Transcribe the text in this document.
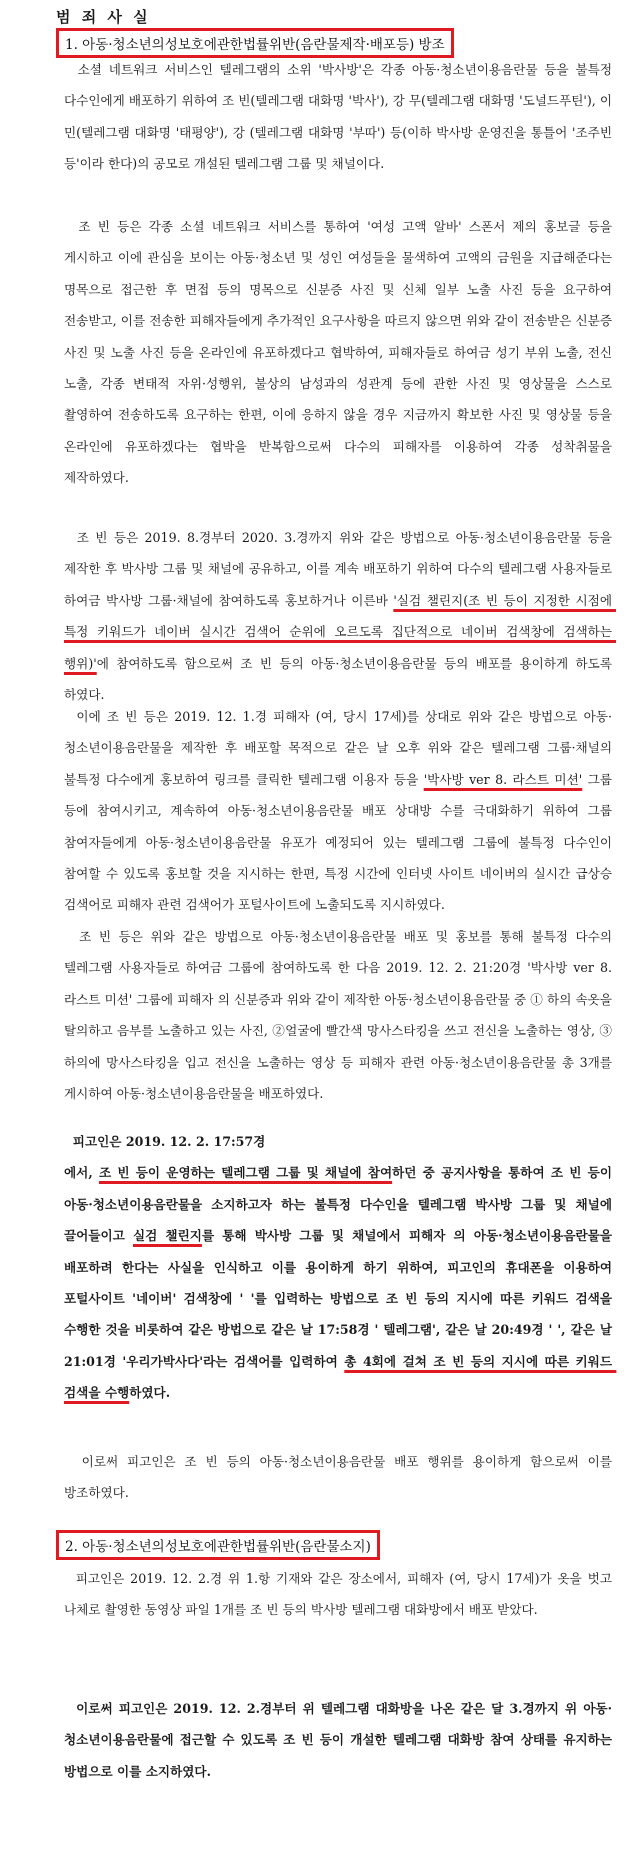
범 죄 사 실
1. 아동·청소년의성보호에관한법률위반(음란물제작·배포등) 방조

소셜 네트워크 서비스인 텔레그램의 소위 '박사방'은 각종 아동·청소년이용음란물 등을 불특정 다수인에게 배포하기 위하여 조 빈(텔레그램 대화명 '박사'), 강 무(텔레그램 대화명 '도널드푸틴'), 이 민(텔레그램 대화명 '태평양'), 강 (텔레그램 대화명 '부따') 등(이하 박사방 운영진을 통틀어 '조주빈 등'이라 한다)의 공모로 개설된 텔레그램 그룹 및 채널이다.

조 빈 등은 각종 소셜 네트워크 서비스를 통하여 '여성 고액 알바' 스폰서 제의 홍보글 등을 게시하고 이에 관심을 보이는 아동·청소년 및 성인 여성들을 물색하여 고액의 금원을 지급해준다는 명목으로 접근한 후 면접 등의 명목으로 신분증 사진 및 신체 일부 노출 사진 등을 요구하여 전송받고, 이를 전송한 피해자들에게 추가적인 요구사항을 따르지 않으면 위와 같이 전송받은 신분증 사진 및 노출 사진 등을 온라인에 유포하겠다고 협박하여, 피해자들로 하여금 성기 부위 노출, 전신 노출, 각종 변태적 자위·성행위, 불상의 남성과의 성관계 등에 관한 사진 및 영상물을 스스로 촬영하여 전송하도록 요구하는 한편, 이에 응하지 않을 경우 지금까지 확보한 사진 및 영상물 등을 온라인에 유포하겠다는 협박을 반복함으로써 다수의 피해자를 이용하여 각종 성착취물을 제작하였다.

조 빈 등은 2019. 8.경부터 2020. 3.경까지 위와 같은 방법으로 아동·청소년이용음란물 등을 제작한 후 박사방 그룹 및 채널에 공유하고, 이를 계속 배포하기 위하여 다수의 텔레그램 사용자들로 하여금 박사방 그룹·채널에 참여하도록 홍보하거나 이른바 '실검 챌린지(조 빈 등이 지정한 시점에 특정 키워드가 네이버 실시간 검색어 순위에 오르도록 집단적으로 네이버 검색창에 검색하는 행위)'에 참여하도록 함으로써 조 빈 등의 아동·청소년이용음란물 등의 배포를 용이하게 하도록 하였다.

이에 조 빈 등은 2019. 12. 1.경 피해자 (여, 당시 17세)를 상대로 위와 같은 방법으로 아동·청소년이용음란물을 제작한 후 배포할 목적으로 같은 날 오후 위와 같은 텔레그램 그룹·채널의 불특정 다수에게 홍보하여 링크를 클릭한 텔레그램 이용자 등을 '박사방 ver 8. 라스트 미션' 그룹 등에 참여시키고, 계속하여 아동·청소년이용음란물 배포 상대방 수를 극대화하기 위하여 그룹 참여자들에게 아동·청소년이용음란물 유포가 예정되어 있는 텔레그램 그룹에 불특정 다수인이 참여할 수 있도록 홍보할 것을 지시하는 한편, 특정 시간에 인터넷 사이트 네이버의 실시간 급상승 검색어로 피해자 관련 검색어가 포털사이트에 노출되도록 지시하였다.

조 빈 등은 위와 같은 방법으로 아동·청소년이용음란물 배포 및 홍보를 통해 불특정 다수의 텔레그램 사용자들로 하여금 그룹에 참여하도록 한 다음 2019. 12. 2. 21:20경 '박사방 ver 8. 라스트 미션' 그룹에 피해자 의 신분증과 위와 같이 제작한 아동·청소년이용음란물 중 ① 하의 속옷을 탈의하고 음부를 노출하고 있는 사진, ②얼굴에 빨간색 망사스타킹을 쓰고 전신을 노출하는 영상, ③ 하의에 망사스타킹을 입고 전신을 노출하는 영상 등 피해자 관련 아동·청소년이용음란물 총 3개를 게시하여 아동·청소년이용음란물을 배포하였다.

피고인은 2019. 12. 2. 17:57경
에서, 조 빈 등이 운영하는 텔레그램 그룹 및 채널에 참여하던 중 공지사항을 통하여 조 빈 등이 아동·청소년이용음란물을 소지하고자 하는 불특정 다수인을 텔레그램 박사방 그룹 및 채널에 끌어들이고 실검 챌린지를 통해 박사방 그룹 및 채널에서 피해자 의 아동·청소년이용음란물을 배포하려 한다는 사실을 인식하고 이를 용이하게 하기 위하여, 피고인의 휴대폰을 이용하여 포털사이트 '네이버' 검색창에 ' '를 입력하는 방법으로 조 빈 등의 지시에 따른 키워드 검색을 수행한 것을 비롯하여 같은 방법으로 같은 날 17:58경 ' 텔레그램', 같은 날 20:49경 ' ', 같은 날 21:01경 '우리가박사다'라는 검색어를 입력하여 총 4회에 걸쳐 조 빈 등의 지시에 따른 키워드 검색을 수행하였다.

이로써 피고인은 조 빈 등의 아동·청소년이용음란물 배포 행위를 용이하게 함으로써 이를 방조하였다.

2. 아동·청소년의성보호에관한법률위반(음란물소지)

피고인은 2019. 12. 2.경 위 1.항 기재와 같은 장소에서, 피해자 (여, 당시 17세)가 옷을 벗고 나체로 촬영한 동영상 파일 1개를 조 빈 등의 박사방 텔레그램 대화방에서 배포 받았다.

이로써 피고인은 2019. 12. 2.경부터 위 텔레그램 대화방을 나온 같은 달 3.경까지 위 아동·청소년이용음란물에 접근할 수 있도록 조 빈 등이 개설한 텔레그램 대화방 참여 상태를 유지하는 방법으로 이를 소지하였다.
